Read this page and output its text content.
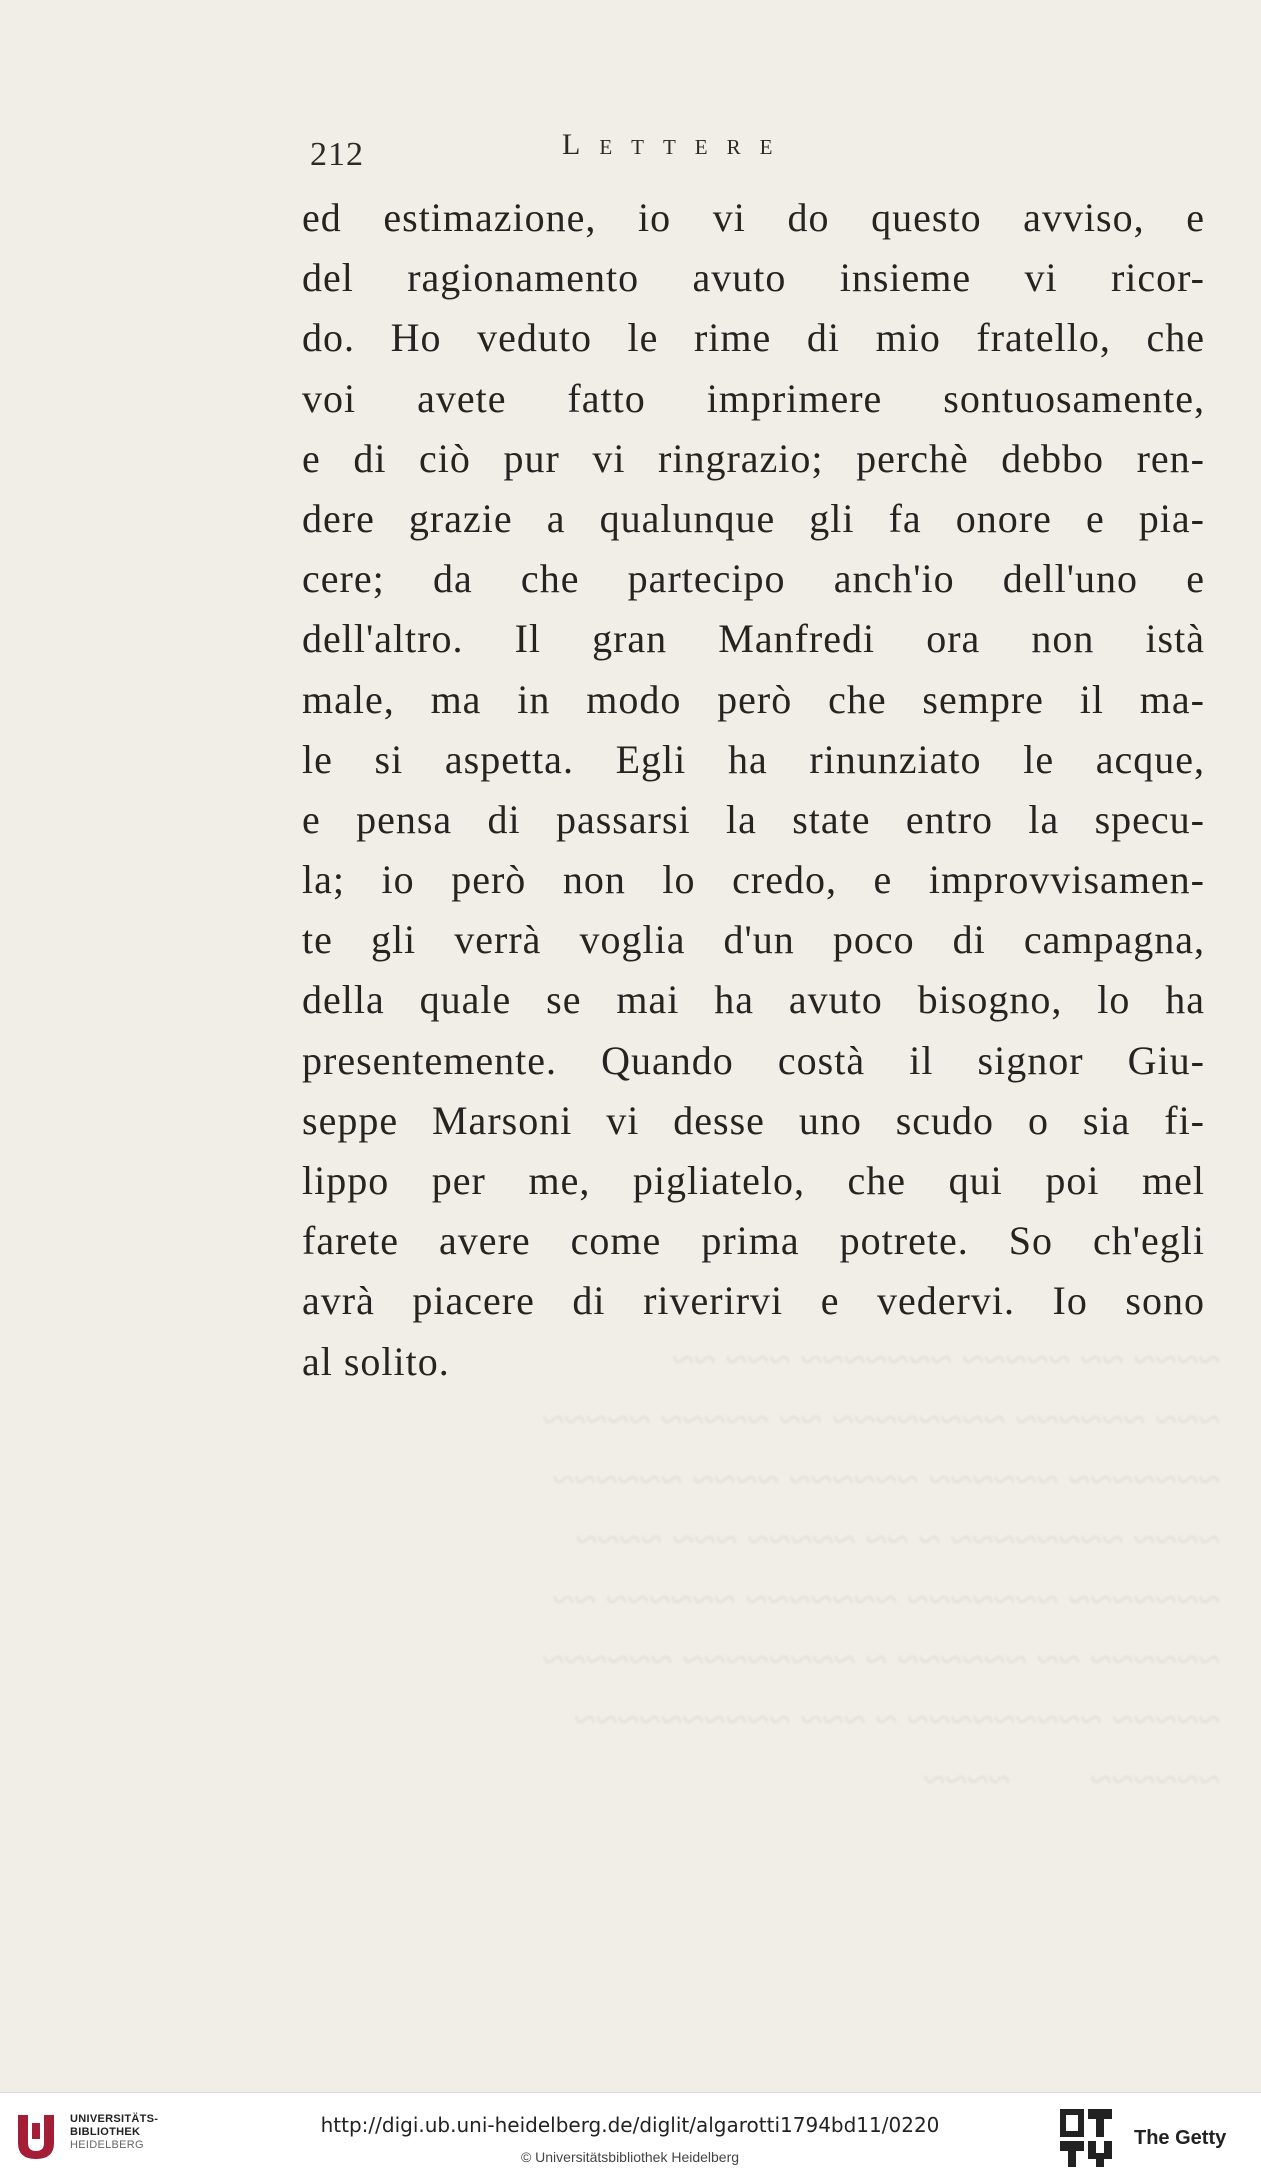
~~~~ ~~ ~~~~~ ~~~~~~~ ~~~ ~~
~~~ ~~~~~~ ~~~~~~~~ ~~ ~~~~~ ~~~~~
~~~~~~~ ~~~~~~ ~~~~~~ ~~~~ ~~~~~~
~~~~ ~~~~~~~~ ~ ~~ ~~~~~ ~~~ ~~~~
~~~~~~~ ~~~~~~~ ~~~~~~~ ~~~~~~ ~~
~~~~~~ ~~ ~~~~~~ ~ ~~~~~~~~ ~~~~~~
~~~~~ ~~~~~~~~~ ~ ~~~ ~~~~~~~~~~
~~~~~~        ~~~~
212	Lettere
ed estimazione, io vi do questo avviso, e
del ragionamento avuto insieme vi ricor-
do. Ho veduto le rime di mio fratello, che
voi avete fatto imprimere sontuosamente,
e di ciò pur vi ringrazio; perchè debbo ren-
dere grazie a qualunque gli fa onore e pia-
cere; da che partecipo anch'io dell'uno e
dell'altro. Il gran Manfredi ora non istà
male, ma in modo però che sempre il ma-
le si aspetta. Egli ha rinunziato le acque,
e pensa di passarsi la state entro la specu-
la; io però non lo credo, e improvvisamen-
te gli verrà voglia d'un poco di campagna,
della quale se mai ha avuto bisogno, lo ha
presentemente. Quando costà il signor Giu-
seppe Marsoni vi desse uno scudo o sia fi-
lippo per me, pigliatelo, che qui poi mel
farete avere come prima potrete. So ch'egli
avrà piacere di riverirvi e vedervi. Io sono
al solito.
UNIVERSITÄTS-
BIBLIOTHEK
HEIDELBERG
http://digi.ub.uni-heidelberg.de/diglit/algarotti1794bd11/0220
© Universitätsbibliothek Heidelberg
The Getty
